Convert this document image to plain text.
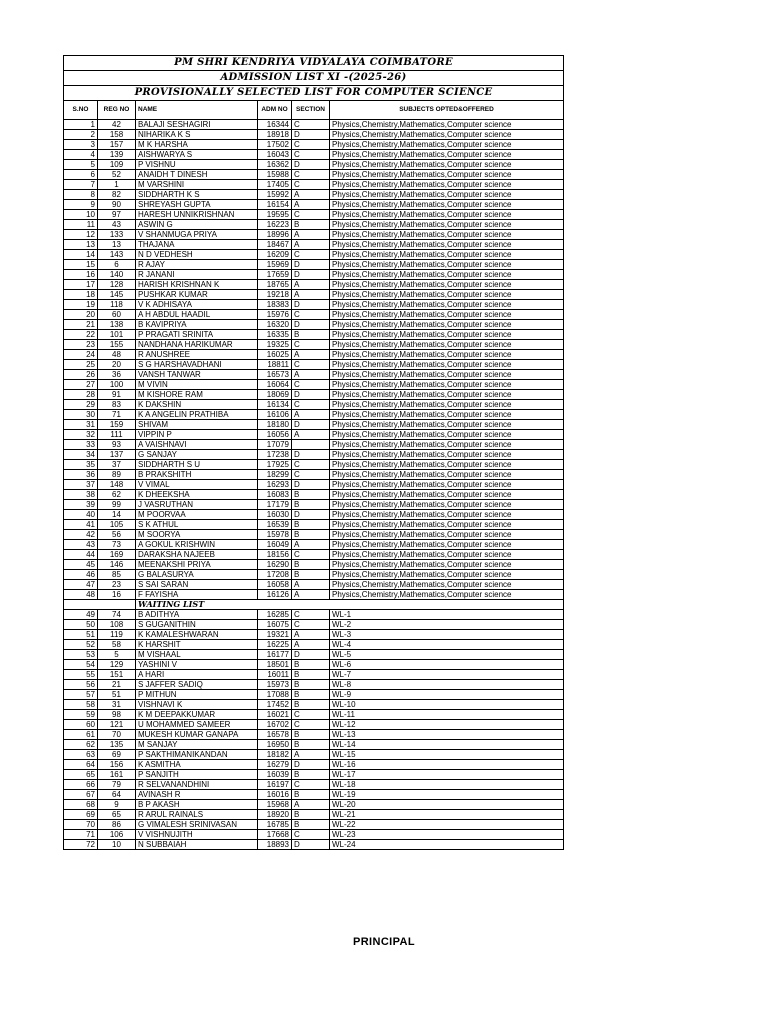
PM SHRI KENDRIYA VIDYALAYA COIMBATORE					
ADMISSION LIST XI -(2025-26)					
PROVISIONALLY SELECTED LIST FOR COMPUTER SCIENCE					
S.NO	REG NO	NAME	ADM NO	SECTION	SUBJECTS OPTED&OFFERED
1	42	BALAJI SESHAGIRI	16344	C	Physics,Chemistry,Mathematics,Computer science
2	158	NIHARIKA K S	18918	D	Physics,Chemistry,Mathematics,Computer science
3	157	M K HARSHA	17502	C	Physics,Chemistry,Mathematics,Computer science
4	139	AISHWARYA S	16043	C	Physics,Chemistry,Mathematics,Computer science
5	109	P VISHNU	16362	D	Physics,Chemistry,Mathematics,Computer science
6	52	ANAIDH T DINESH	15988	C	Physics,Chemistry,Mathematics,Computer science
7	1	M VARSHINI	17405	C	Physics,Chemistry,Mathematics,Computer science
8	82	SIDDHARTH K S	15992	A	Physics,Chemistry,Mathematics,Computer science
9	90	SHREYASH GUPTA	16154	A	Physics,Chemistry,Mathematics,Computer science
10	97	HARESH UNNIKRISHNAN	19595	C	Physics,Chemistry,Mathematics,Computer science
11	43	ASWIN G	16223	B	Physics,Chemistry,Mathematics,Computer science
12	133	V SHANMUGA PRIYA	18996	A	Physics,Chemistry,Mathematics,Computer science
13	13	THAJANA	18467	A	Physics,Chemistry,Mathematics,Computer science
14	143	N D VEDHESH	16209	C	Physics,Chemistry,Mathematics,Computer science
15	6	R AJAY	15969	D	Physics,Chemistry,Mathematics,Computer science
16	140	R JANANI	17659	D	Physics,Chemistry,Mathematics,Computer science
17	128	HARISH KRISHNAN K	18765	A	Physics,Chemistry,Mathematics,Computer science
18	145	PUSHKAR KUMAR	19218	A	Physics,Chemistry,Mathematics,Computer science
19	118	V K ADHISAYA	18383	D	Physics,Chemistry,Mathematics,Computer science
20	60	A H ABDUL HAADIL	15976	C	Physics,Chemistry,Mathematics,Computer science
21	138	B KAVIPRIYA	16320	D	Physics,Chemistry,Mathematics,Computer science
22	101	P PRAGATI SRINITA	16335	B	Physics,Chemistry,Mathematics,Computer science
23	155	NANDHANA HARIKUMAR	19325	C	Physics,Chemistry,Mathematics,Computer science
24	48	R ANUSHREE	16025	A	Physics,Chemistry,Mathematics,Computer science
25	20	S G HARSHAVADHANI	18811	C	Physics,Chemistry,Mathematics,Computer science
26	36	VANSH TANWAR	16573	A	Physics,Chemistry,Mathematics,Computer science
27	100	M VIVIN	16064	C	Physics,Chemistry,Mathematics,Computer science
28	91	M KISHORE RAM	18069	D	Physics,Chemistry,Mathematics,Computer science
29	83	K DAKSHIN	16134	C	Physics,Chemistry,Mathematics,Computer science
30	71	K A ANGELIN PRATHIBA	16106	A	Physics,Chemistry,Mathematics,Computer science
31	159	SHIVAM	18180	D	Physics,Chemistry,Mathematics,Computer science
32	111	VIPPIN P	16056	A	Physics,Chemistry,Mathematics,Computer science
33	93	A VAISHNAVI	17079		Physics,Chemistry,Mathematics,Computer science
34	137	G SANJAY	17238	D	Physics,Chemistry,Mathematics,Computer science
35	37	SIDDHARTH S U	17925	C	Physics,Chemistry,Mathematics,Computer science
36	89	B PRAKSHITH	18299	C	Physics,Chemistry,Mathematics,Computer science
37	148	V VIMAL	16293	D	Physics,Chemistry,Mathematics,Computer science
38	62	K DHEEKSHA	16083	B	Physics,Chemistry,Mathematics,Computer science
39	99	J VASRUTHAN	17179	B	Physics,Chemistry,Mathematics,Computer science
40	14	M POORVAA	16030	D	Physics,Chemistry,Mathematics,Computer science
41	105	S K ATHUL	16539	B	Physics,Chemistry,Mathematics,Computer science
42	56	M SOORYA	15978	B	Physics,Chemistry,Mathematics,Computer science
43	73	A GOKUL KRISHWIN	16049	A	Physics,Chemistry,Mathematics,Computer science
44	169	DARAKSHA NAJEEB	18156	C	Physics,Chemistry,Mathematics,Computer science
45	146	MEENAKSHI PRIYA	16290	B	Physics,Chemistry,Mathematics,Computer science
46	85	G BALASURYA	17208	B	Physics,Chemistry,Mathematics,Computer science
47	23	S SAI SARAN	16058	A	Physics,Chemistry,Mathematics,Computer science
48	16	F FAYISHA	16126	A	Physics,Chemistry,Mathematics,Computer science
		WAITING LIST			
49	74	B ADITHYA	16285	C	WL-1
50	108	S GUGANITHIN	16075	C	WL-2
51	119	K KAMALESHWARAN	19321	A	WL-3
52	58	K HARSHIT	16225	A	WL-4
53	5	M VISHAAL	16177	D	WL-5
54	129	YASHINI V	18501	B	WL-6
55	151	A HARI	16011	B	WL-7
56	21	S JAFFER SADIQ	15973	B	WL-8
57	51	P MITHUN	17088	B	WL-9
58	31	VISHNAVI K	17452	B	WL-10
59	98	K M DEEPAKKUMAR	16021	C	WL-11
60	121	U MOHAMMED SAMEER	16702	C	WL-12
61	70	MUKESH KUMAR GANAPA	16578	B	WL-13
62	135	M SANJAY	16950	B	WL-14
63	69	P SAKTHIMANIKANDAN	18182	A	WL-15
64	156	K ASMITHA	16279	D	WL-16
65	161	P SANJITH	16039	B	WL-17
66	79	R SELVANANDHINI	16197	C	WL-18
67	64	AVINASH R	16016	B	WL-19
68	9	B P AKASH	15968	A	WL-20
69	65	R ARUL RAINALS	18920	B	WL-21
70	86	G VIMALESH SRINIVASAN	16785	B	WL-22
71	106	V VISHNUJITH	17668	C	WL-23
72	10	N SUBBAIAH	18893	D	WL-24
PRINCIPAL
